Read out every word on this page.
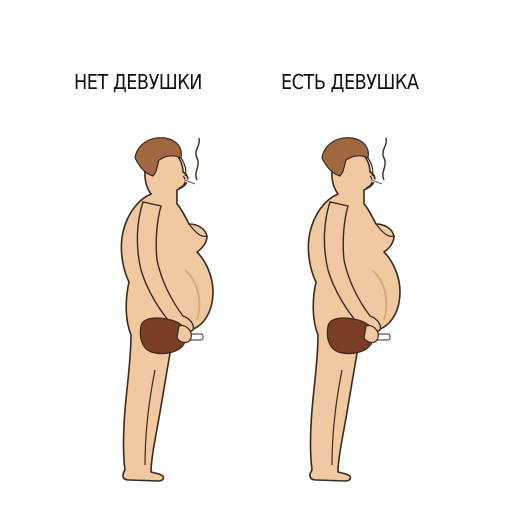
НЕТ ДЕВУШКИ	ЕСТЬ ДЕВУШКА
